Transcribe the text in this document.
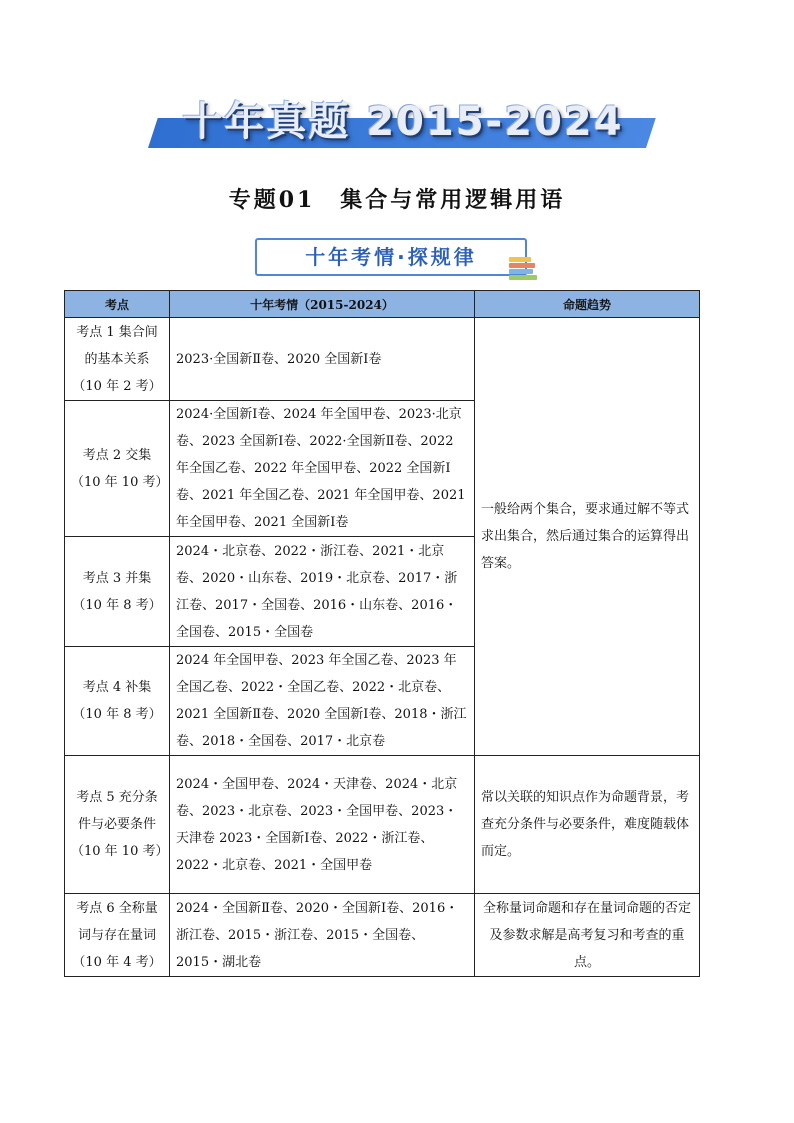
十年真题 2015-2024
专题01　集合与常用逻辑用语
十年考情·探规律
考点	十年考情（2015-2024）	命题趋势
考点 1 集合间的基本关系（10 年 2 考）	2023·全国新Ⅱ卷、2020 全国新Ⅰ卷	一般给两个集合，要求通过解不等式求出集合，然后通过集合的运算得出答案。
考点 2 交集（10 年 10 考）	2024·全国新Ⅰ卷、2024 年全国甲卷、2023·北京卷、2023 全国新Ⅰ卷、2022·全国新Ⅱ卷、2022 年全国乙卷、2022 年全国甲卷、2022 全国新Ⅰ卷、2021 年全国乙卷、2021 年全国甲卷、2021 年全国甲卷、2021 全国新Ⅰ卷	
考点 3 并集（10 年 8 考）	2024・北京卷、2022・浙江卷、2021・北京卷、2020・山东卷、2019・北京卷、2017・浙江卷、2017・全国卷、2016・山东卷、2016・全国卷、2015・全国卷	
考点 4 补集（10 年 8 考）	2024 年全国甲卷、2023 年全国乙卷、2023 年全国乙卷、2022・全国乙卷、2022・北京卷、2021 全国新Ⅱ卷、2020 全国新Ⅰ卷、2018・浙江卷、2018・全国卷、2017・北京卷	
考点 5 充分条件与必要条件（10 年 10 考）	2024・全国甲卷、2024・天津卷、2024・北京卷、2023・北京卷、2023・全国甲卷、2023・天津卷 2023・全国新Ⅰ卷、2022・浙江卷、2022・北京卷、2021・全国甲卷	常以关联的知识点作为命题背景，考查充分条件与必要条件，难度随载体而定。
考点 6 全称量词与存在量词（10 年 4 考）	2024・全国新Ⅱ卷、2020・全国新Ⅰ卷、2016・浙江卷、2015・浙江卷、2015・全国卷、2015・湖北卷	全称量词命题和存在量词命题的否定及参数求解是高考复习和考查的重点。
